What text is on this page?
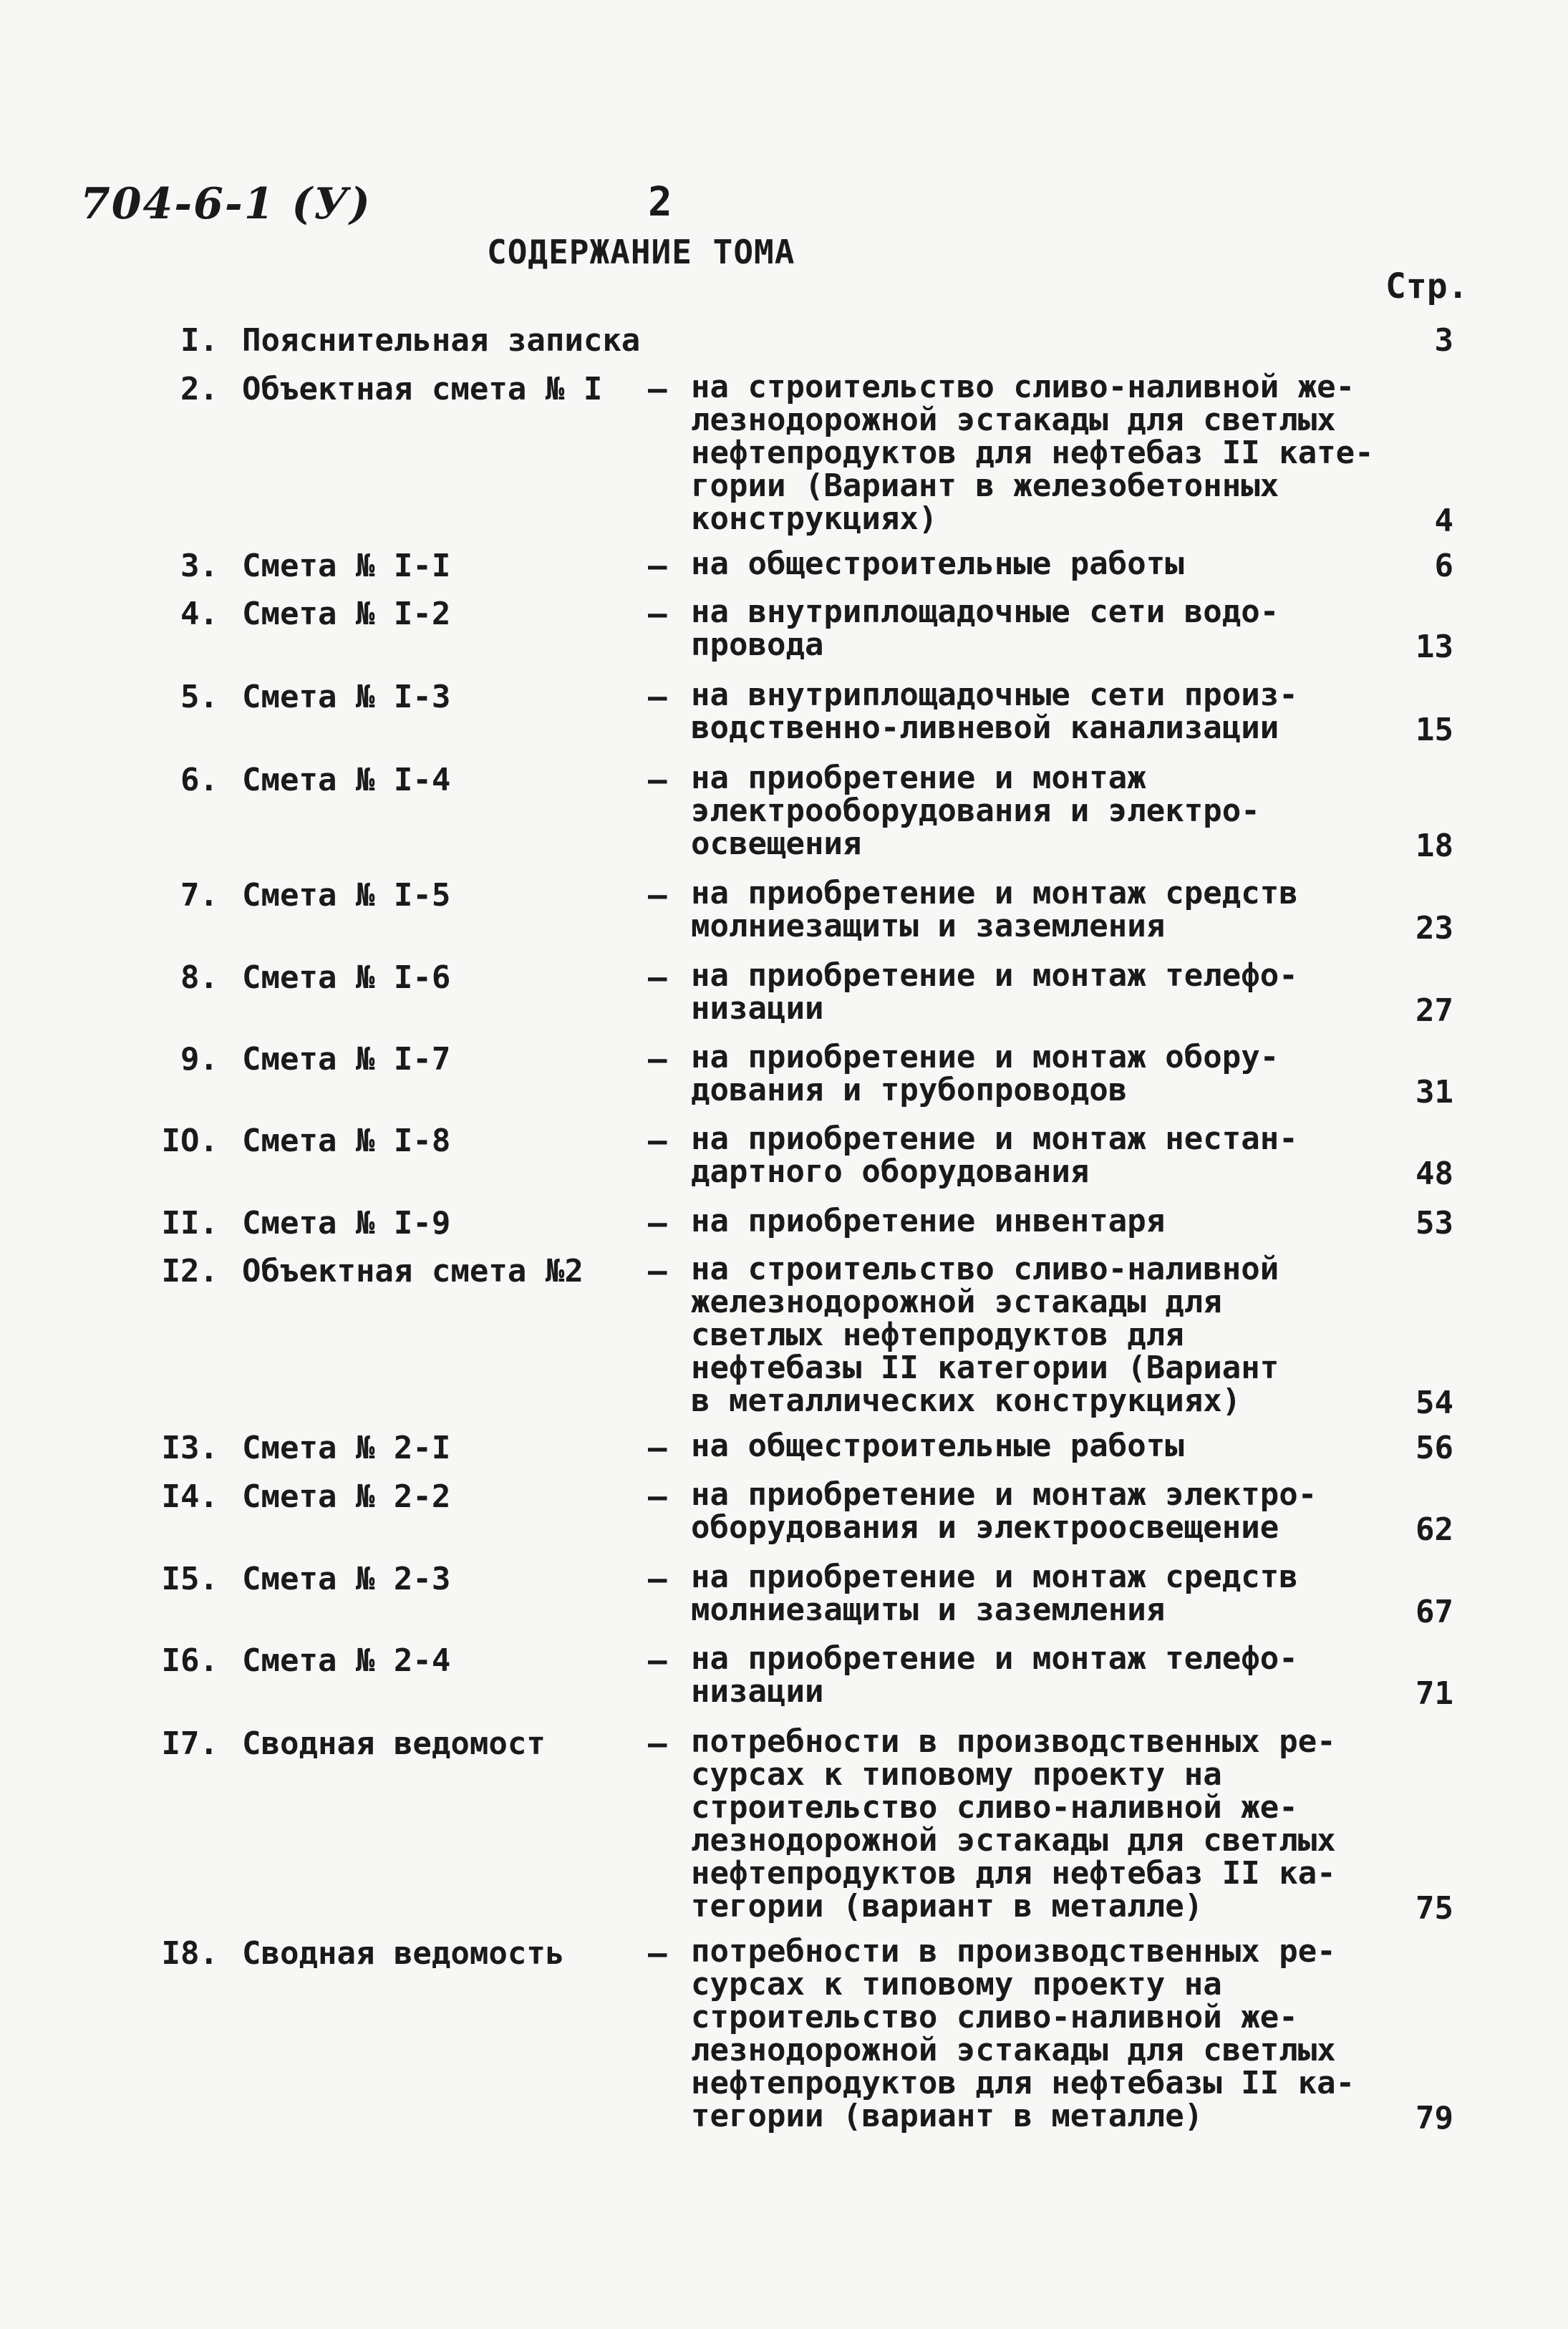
704-6-1 (У)	2
СОДЕРЖАНИЕ ТОМА
Стр.
I. Пояснительная записка	3
2. Объектная смета № I – на строительство сливо-наливной же-
лезнодорожной эстакады для светлых
нефтепродуктов для нефтебаз II кате-
гории (Вариант в железобетонных
конструкциях)	4
3. Смета № I-I	– на общестроительные работы	6
4. Смета № I-2	– на внутриплощадочные сети водо-
провода	13
5. Смета № I-3	– на внутриплощадочные сети произ-
водственно-ливневой канализации	15
6. Смета № I-4	– на приобретение и монтаж
электрооборудования и электро-
освещения	18
7. Смета № I-5	– на приобретение и монтаж средств
молниезащиты и заземления	23
8. Смета № I-6	– на приобретение и монтаж телефо-
низации	27
9. Смета № I-7	– на приобретение и монтаж обору-
дования и трубопроводов	31
IO. Смета № I-8	– на приобретение и монтаж нестан-
дартного оборудования	48
II. Смета № I-9	– на приобретение инвентаря	53
I2. Объектная смета №2 – на строительство сливо-наливной
железнодорожной эстакады для
светлых нефтепродуктов для
нефтебазы II категории (Вариант
в металлических конструкциях)	54
I3. Смета № 2-I	– на общестроительные работы	56
I4. Смета № 2-2	– на приобретение и монтаж электро-
оборудования и электроосвещение	62
I5. Смета № 2-3	– на приобретение и монтаж средств
молниезащиты и заземления	67
I6. Смета № 2-4	– на приобретение и монтаж телефо-
низации	71
I7. Сводная ведомост	– потребности в производственных ре-
сурсах к типовому проекту на
строительство сливо-наливной же-
лезнодорожной эстакады для светлых
нефтепродуктов для нефтебаз II ка-
тегории (вариант в металле)	75
I8. Сводная ведомость	– потребности в производственных ре-
сурсах к типовому проекту на
строительство сливо-наливной же-
лезнодорожной эстакады для светлых
нефтепродуктов для нефтебазы II ка-
тегории (вариант в металле)	79
